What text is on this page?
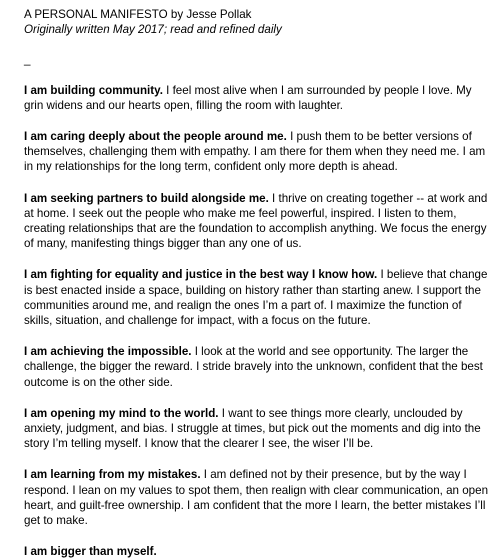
A PERSONAL MANIFESTO by Jesse Pollak

Originally written May 2017; read and refined daily

_

I am building community. I feel most alive when I am surrounded by people I love. My grin widens and our hearts open, filling the room with laughter.

I am caring deeply about the people around me. I push them to be better versions of themselves, challenging them with empathy. I am there for them when they need me. I am in my relationships for the long term, confident only more depth is ahead.

I am seeking partners to build alongside me. I thrive on creating together -- at work and at home. I seek out the people who make me feel powerful, inspired. I listen to them, creating relationships that are the foundation to accomplish anything. We focus the energy of many, manifesting things bigger than any one of us.

I am fighting for equality and justice in the best way I know how. I believe that change is best enacted inside a space, building on history rather than starting anew. I support the communities around me, and realign the ones I’m a part of. I maximize the function of skills, situation, and challenge for impact, with a focus on the future.

I am achieving the impossible. I look at the world and see opportunity. The larger the challenge, the bigger the reward. I stride bravely into the unknown, confident that the best outcome is on the other side.

I am opening my mind to the world. I want to see things more clearly, unclouded by anxiety, judgment, and bias. I struggle at times, but pick out the moments and dig into the story I’m telling myself. I know that the clearer I see, the wiser I’ll be.

I am learning from my mistakes. I am defined not by their presence, but by the way I respond. I lean on my values to spot them, then realign with clear communication, an open heart, and guilt-free ownership. I am confident that the more I learn, the better mistakes I’ll get to make.

I am bigger than myself.
